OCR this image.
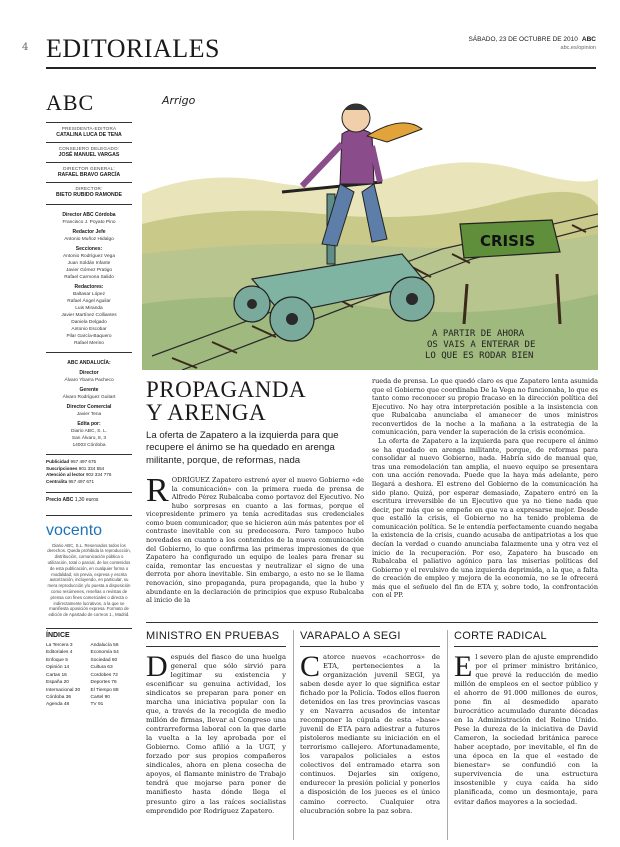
4 EDITORIALES	SÁBADO, 23 DE OCTUBRE DE 2010 ABC
abc.es/opinion
ABC
PRESIDENTA-EDITORA
CATALINA LUCA DE TENA
CONSEJERO DELEGADO:
JOSÉ MANUEL VARGAS
DIRECTOR GENERAL:
RAFAEL BRAVO GARCÍA
DIRECTOR:
BIETO RUBIDO RAMONDE
Director ABC Córdoba
Francisco J. Poyato Pino
Redactor Jefe
Antonio Muñoz Hidalgo
Secciones:
Antonio Rodríguez Vega
Juan Soldán Infante
Javier Gómez Pratigo
Rafael Carmona Salido
Redactores:
Baltasar López
Rafael Ángel Aguilar
Luis Miranda
Javier Martínez Colliantes
Daniela Delgado
Antonio Escobar
Pilar García-Baquero
Rafael Merino
ABC ANDALUCÍA:
Director
Álvaro Ybarra Pacheco
Gerente
Álvaro Rodríguez Guitart
Director Comercial
Javier Tena
Edita por:
Diario ABC, S. L.
San Álvaro, 8, 3
14003 Córdoba
Publicidad 957 497 675
Suscripciones 901 334 554
Atención al lector 902 334 776
Centralita 957 497 671
Precio ABC 1,30 euros
vocento
Diario ABC, S.L. Reservados todos los derechos. Queda prohibida la reproducción, distribución, comunicación pública o utilización, total o parcial, de los contenidos de esta publicación, en cualquier forma o modalidad, sin previa, expresa y escrita autorización, incluyendo, en particular, su mera reproducción y/o puesta a disposición como resúmenes, reseñas o revistas de prensa con fines comerciales o directa o indirectamente lucrativos, a la que se manifiesta oposición expresa. Formato de edición de Apartado de correos 1., Madrid.
ÍNDICE
La Tercera 3	Andalucía 56
Editoriales 4	Economía 54
Enfoque 5	Sociedad 60
Opinión 14	Cultura 63
Cartas 16	Cordobes 72
España 20	Deportes 76
Internacional 30	El Tiempo 88
Córdoba 36	Cartel 90
Agenda 48	TV 91
CRISIS
Arrigo
A PARTIR DE AHORA
OS VAIS A ENTERAR DE
LO QUE ES RODAR BIEN
PROPAGANDA
Y ARENGA
La oferta de Zapatero a la izquierda para que recupere el ánimo se ha quedado en arenga militante, porque, de reformas, nada
RODRÍGUEZ Zapatero estrenó ayer el nuevo Gobierno «de la comunicación» con la primera rueda de prensa de Alfredo Pérez Rubalcaba como portavoz del Ejecutivo. No hubo sorpresas en cuanto a las formas, porque el vicepresidente primero ya tenía acreditadas sus credenciales como buen comunicador, que se hicieron aún más patentes por el contraste inevitable con su predecesora. Pero tampoco hubo novedades en cuanto a los contenidos de la nueva comunicación del Gobierno, lo que confirma las primeras impresiones de que Zapatero ha configurado un equipo de leales para frenar su caída, remontar las encuestas y neutralizar el signo de una derrota por ahora inevitable. Sin embargo, a esto no se le llama renovación, sino propaganda, pura propaganda, que la hubo y abundante en la declaración de principios que expuso Rubalcaba al inicio de la

rueda de prensa. Lo que quedó claro es que Zapatero lenta asumida que el Gobierno que coordinaba De la Vega no funcionaba, lo que es tanto como reconocer su propio fracaso en la dirección política del Ejecutivo. No hay otra interpretación posible a la insistencia con que Rubalcaba anunciaba el amanecer de unos ministros reconvertidos de la noche a la mañana a la estrategia de la comunicación, para vender la superación de la crisis económica.

La oferta de Zapatero a la izquierda para que recupere el ánimo se ha quedado en arenga militante, porque, de reformas para consolidar al nuevo Gobierno, nada. Habría sido de manual que, tras una remodelación tan amplia, el nuevo equipo se presentara con una acción renovada. Puede que la haya más adelante, pero llegará a deshora. El estreno del Gobierno de la comunicación ha sido plano. Quizá, por esperar demasiado, Zapatero entró en la escritura irreversible de un Ejecutivo que ya no tiene nada que decir, por más que se empeñe en que va a expresarse mejor. Desde que estalló la crisis, el Gobierno no ha tenido problema de comunicación política. Se le entendía perfectamente cuando negaba la existencia de la crisis, cuando acusaba de antipatriotas a los que decían la verdad o cuando anunciaba falazmente una y otra vez el inicio de la recuperación. Por eso, Zapatero ha buscado en Rubalcaba el paliativo agónico para las miserias políticas del Gobierno y el revulsivo de una izquierda deprimida, a la que, a falta de creación de empleo y mejora de la economía, no se le ofrecerá más que el señuelo del fin de ETA y, sobre todo, la confrontación con el PP.

MINISTRO EN PRUEBAS

Después del fiasco de una huelga general que sólo sirvió para legitimar su existencia y escenificar su genuina actividad, los sindicatos se preparan para poner en marcha una iniciativa popular con la que, a través de la recogida de medio millón de firmas, llevar al Congreso una contrarreforma laboral con la que darle la vuelta a la ley aprobada por el Gobierno. Como afilió a la UGT, y forzado por sus propios compañeros sindicales, ahora en plena cosecha de apoyos, el flamante ministro de Trabajo tendrá que mojarse para poner de manifiesto hasta dónde llega el presunto giro a las raíces socialistas emprendido por Rodríguez Zapatero.

VARAPALO A SEGI

Catorce nuevos «cachorros» de ETA, pertenecientes a la organización juvenil SEGI, ya saben desde ayer lo que significa estar fichado por la Policía. Todos ellos fueron detenidos en las tres provincias vascas y en Navarra acusados de intentar recomponer la cúpula de esta «base» juvenil de ETA para adiestrar a futuros pistoleros mediante su iniciación en el terrorismo callejero. Afortunadamente, los varapalos policiales a estos colectivos del entramado etarra son continuos. Dejarles sin oxígeno, endurecer la presión policial y ponerlos a disposición de los jueces es el único camino correcto. Cualquier otra elucubración sobre la paz sobra.

CORTE RADICAL

El severo plan de ajuste emprendido por el primer ministro británico, que prevé la reducción de medio millón de empleos en el sector público y el ahorro de 91.000 millones de euros, pone fin al desmedido aparato burocrático acumulado durante décadas en la Administración del Reino Unido. Pese la dureza de la iniciativa de David Cameron, la sociedad británica parece haber aceptado, por inevitable, el fin de una época en la que el «estado de bienestar» se confundió con la supervivencia de una estructura insostenible y cuya caída ha sido planificada, como un desmontaje, para evitar daños mayores a la sociedad.
